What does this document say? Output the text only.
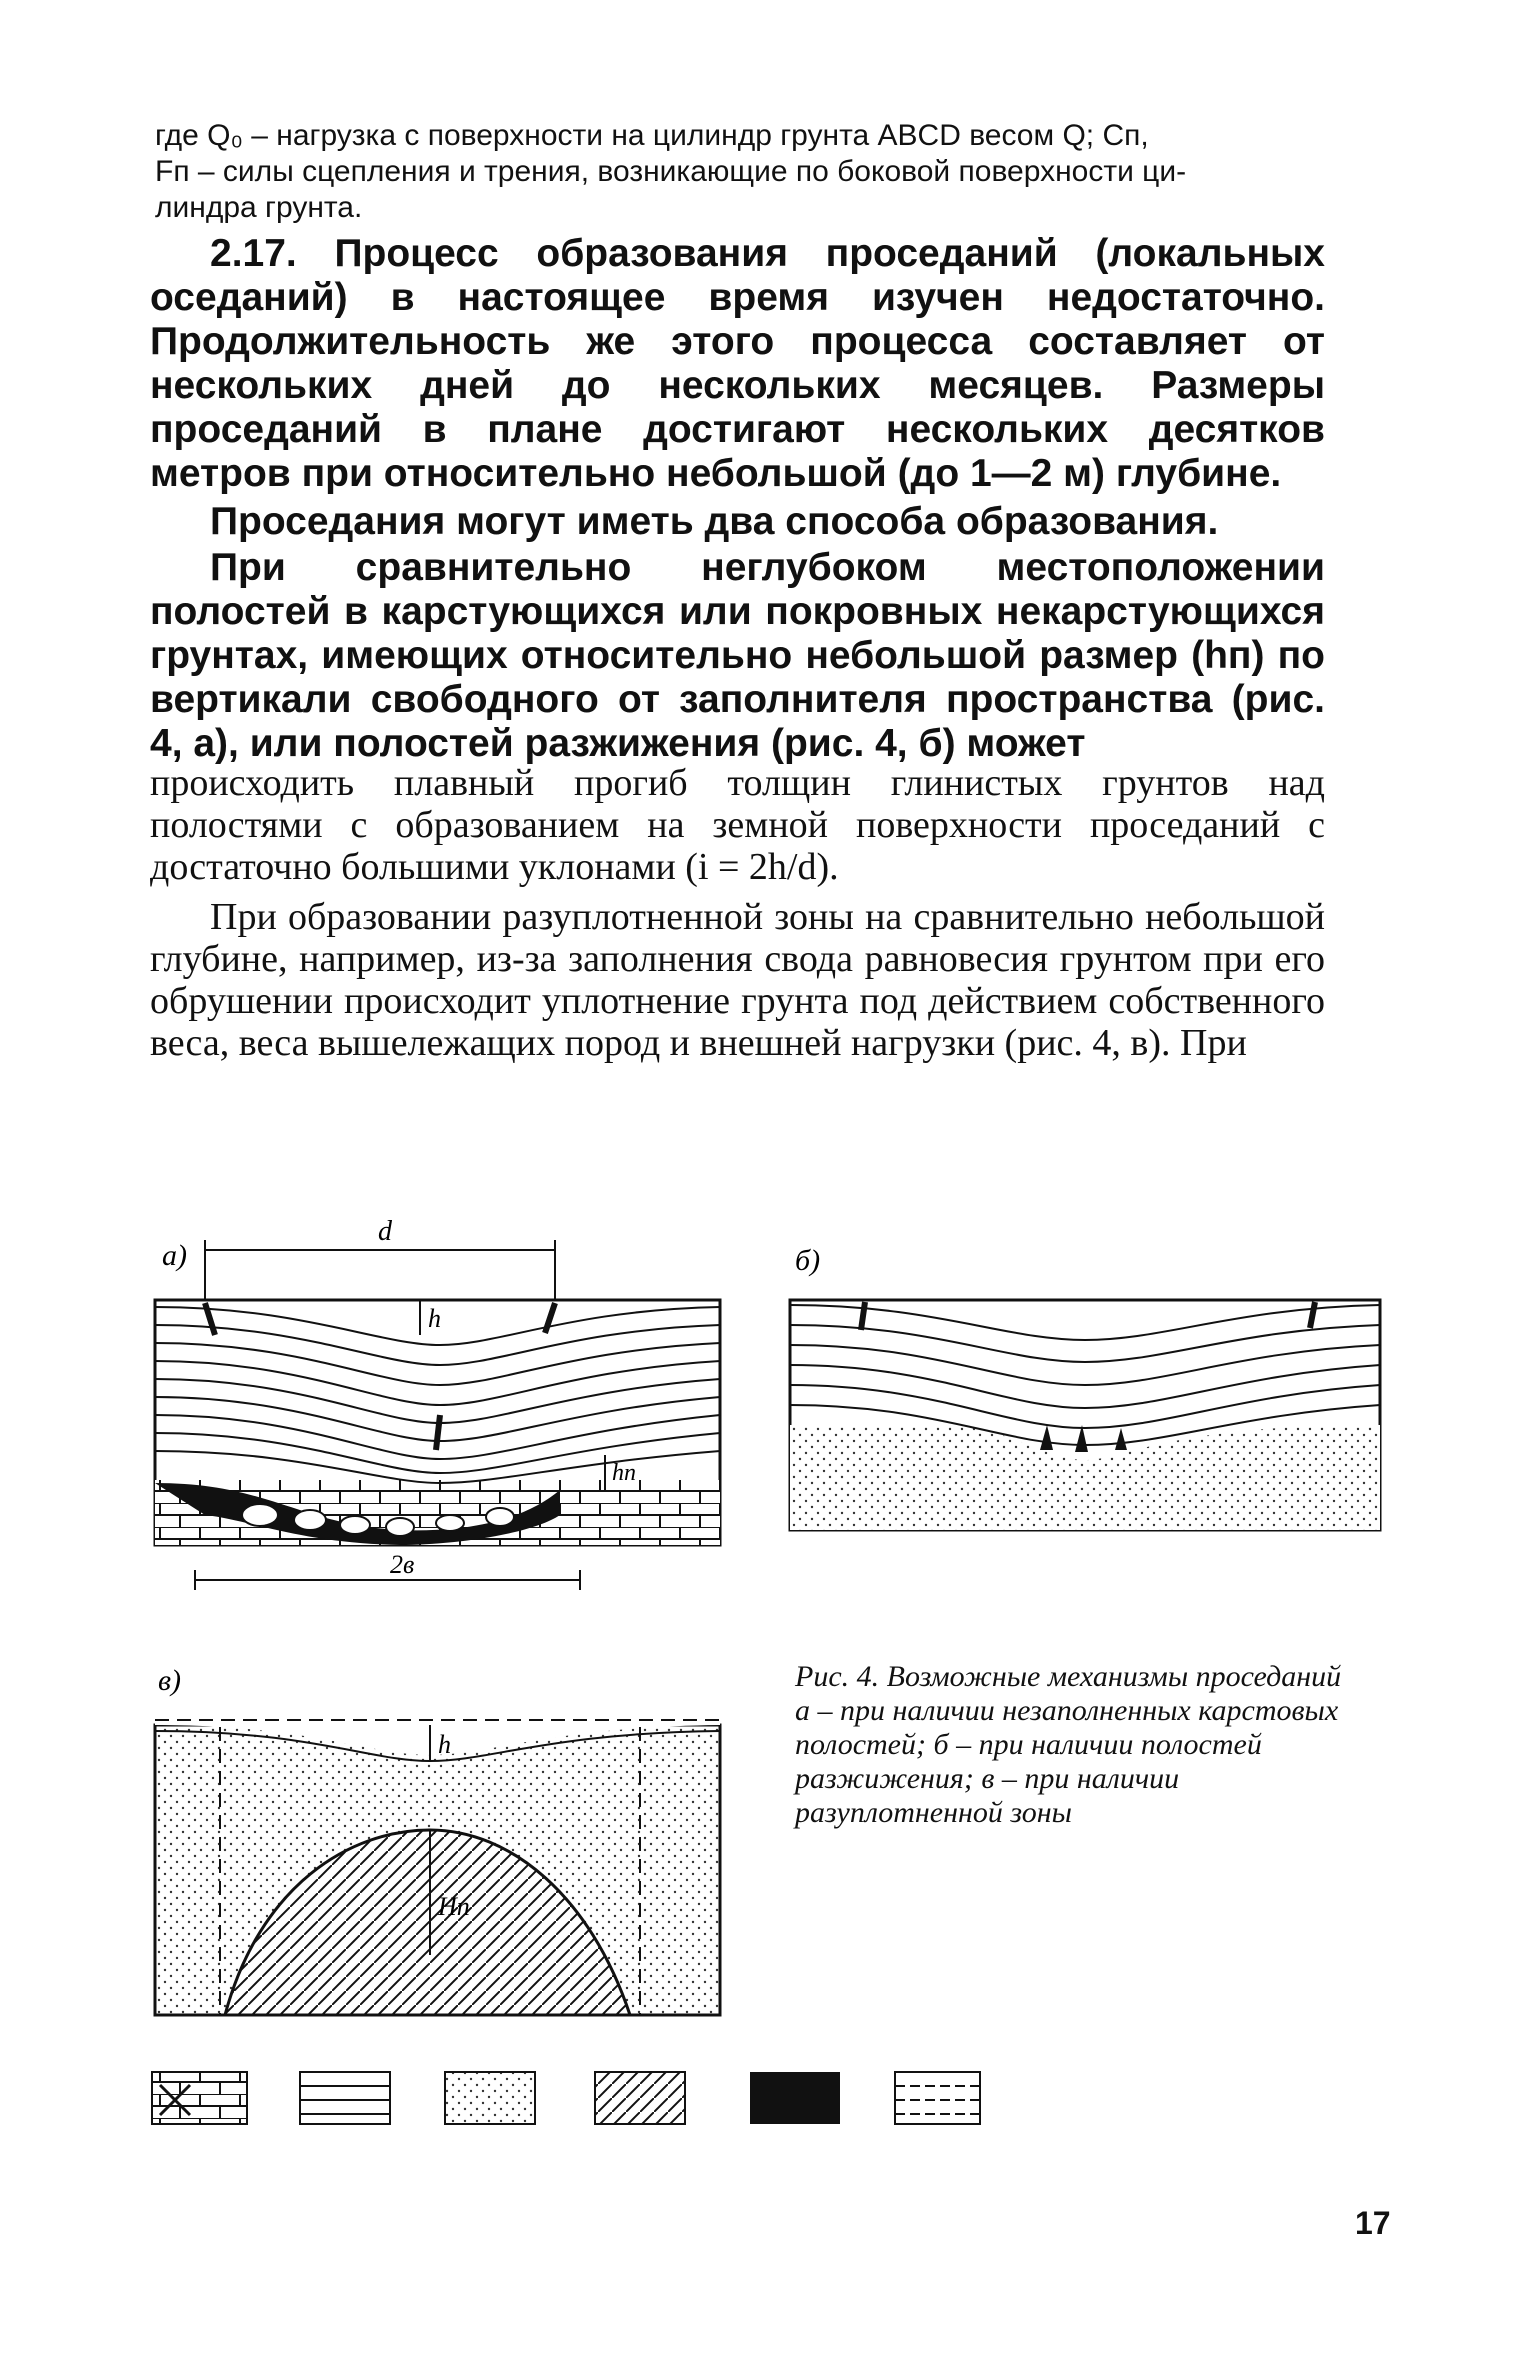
где Q₀ – нагрузка с поверхности на цилиндр грунта ABCD весом Q; Cп,

Fп – силы сцепления и трения, возникающие по боковой поверхности ци-

линдра грунта.

2.17. Процесс образования проседаний (локальных оседаний) в настоящее время изучен недостаточно. Продолжительность же этого процесса составляет от нескольких дней до нескольких месяцев. Размеры проседаний в плане достигают нескольких десятков метров при относительно небольшой (до 1—2 м) глубине.

Проседания могут иметь два способа образования.

При сравнительно неглубоком местоположении полостей в карстующихся или покровных некарстующихся грунтах, имеющих относительно небольшой размер (hп) по вертикали свободного от заполнителя пространства (рис. 4, а), или полостей разжижения (рис. 4, б) может

происходить плавный прогиб толщин глинистых грунтов над полостями с образованием на земной поверхности проседаний с достаточно большими уклонами (i = 2h/d).

При образовании разуплотненной зоны на сравнительно небольшой глубине, например, из-за заполнения свода равновесия грунтом при его обрушении происходит уплотнение грунта под действием собственного веса, веса вышележащих пород и внешней нагрузки (рис. 4, в). При

d
h
hп
2в
а)	б)
Hп
h
в)	Рис. 4. Возможные механизмы проседаний

а – при наличии незаполненных карстовых полостей; б – при наличии полостей разжижения; в – при наличии разуплотненной зоны

17
